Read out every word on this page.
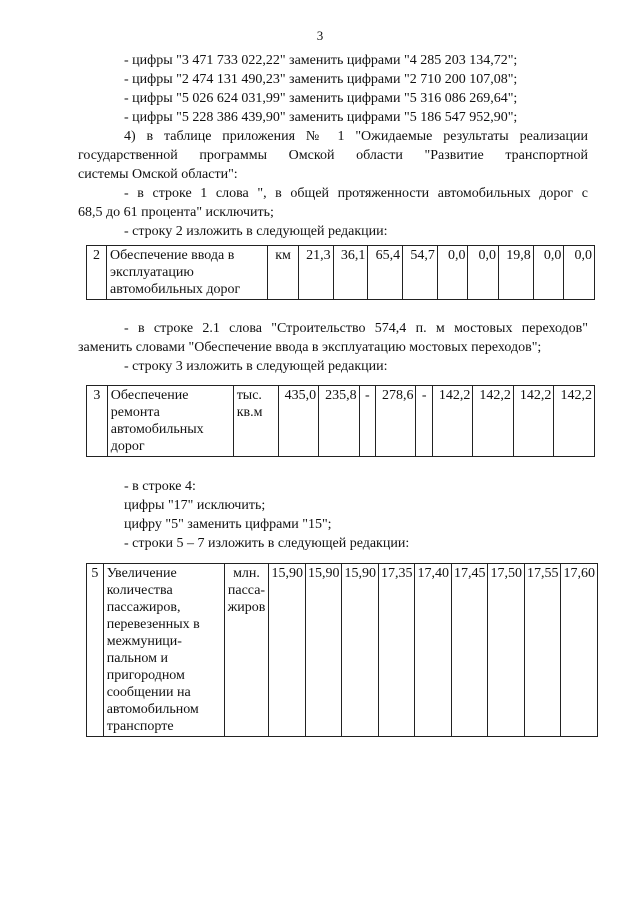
3
- цифры "3 471 733 022,22" заменить цифрами "4 285 203 134,72";
- цифры "2 474 131 490,23" заменить цифрами "2 710 200 107,08";
- цифры "5 026 624 031,99" заменить цифрами "5 316 086 269,64";
- цифры "5 228 386 439,90" заменить цифрами "5 186 547 952,90";
4) в таблице приложения № 1 "Ожидаемые результаты реализации
государственной программы Омской области "Развитие транспортной
системы Омской области":
- в строке 1 слова ", в общей протяженности автомобильных дорог с
68,5 до 61 процента" исключить;
- строку 2 изложить в следующей редакции:
2	Обеспечение ввода в
эксплуатацию
автомобильных дорог
	км	21,3	36,1	65,4	54,7	0,0	0,0	19,8	0,0	0,0
- в строке 2.1 слова "Строительство 574,4 п. м мостовых переходов"
заменить словами "Обеспечение ввода в эксплуатацию мостовых переходов";
- строку 3 изложить в следующей редакции:
3	Обеспечение
ремонта
автомобильных
дорог

тыс.
кв.м
	435,0	235,8	-	278,6	-	142,2	142,2	142,2	142,2
- в строке 4:
цифры "17" исключить;
цифру "5" заменить цифрами "15";
- строки 5 – 7 изложить в следующей редакции:
5	Увеличение
количества
пассажиров,
перевезенных в
межмуници-
пальном и
пригородном
сообщении на
автомобильном
транспорте

млн.
пасса-
жиров
	15,90	15,90	15,90	17,35	17,40	17,45	17,50	17,55	17,60
